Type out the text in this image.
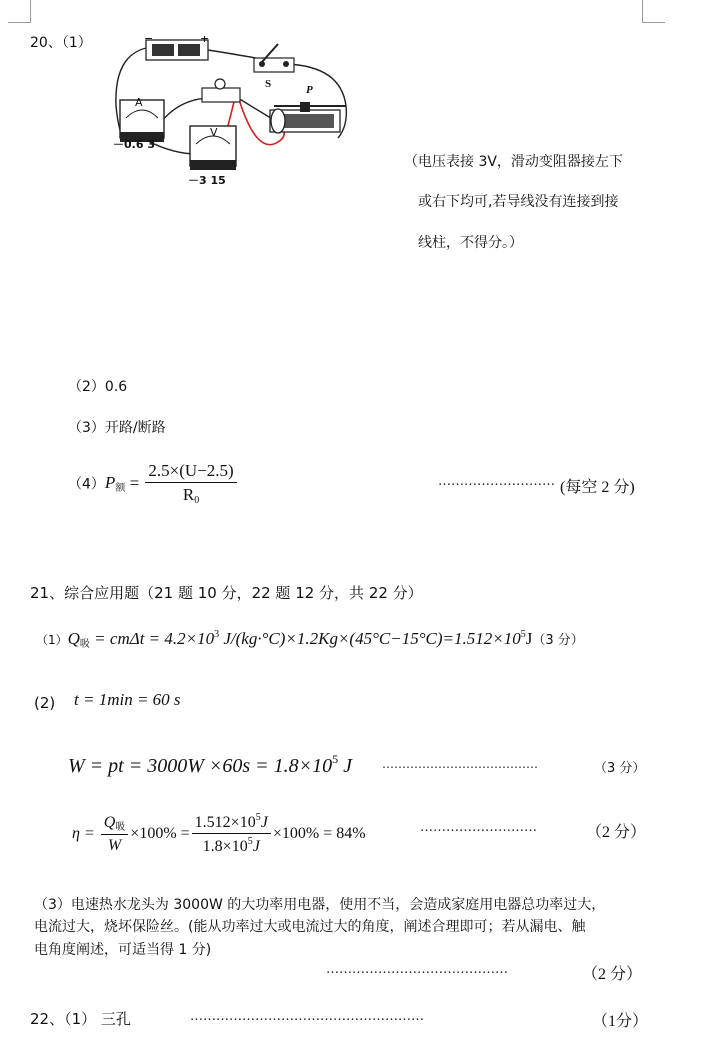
20、（1）	−	+
A
－0.6 3
V
－3 15
S	P
（电压表接 3V，滑动变阻器接左下
或右下均可,若导线没有连接到接
线柱，不得分。）
（2）0.6
（3）开路/断路
$(4)P_额 = \frac{2.5\times(U-2.5)}{R_0}$	……………………… (每空 2 分)
21、综合应用题（21 题 10 分，22 题 12 分，共 22 分）
$(1)Q_吸 = cm\Delta t = 4.2\times 10^3$ $J/(kg\cdot^\circ C)\times 1.2Kg\times(45^\circ C-15^\circ C)=1.512\times 10^5J(3$ 分）
(2) t = 1min = 60 s
W = pt = $3000W \times 60s = 1.8\times 10^5$ J …………………………………	（3 分）
$\eta = \frac{Q_吸}{W} \times 100\% = \frac{1.512\times 10^5J}{1.8\times 10^5J} \times 100\% = 84\%$	………………………	（2 分）
（3）电速热水龙头为 3000W 的大功率用电器，使用不当，会造成家庭用电器总功率过大，
电流过大，烧坏保险丝。(能从功率过大或电流过大的角度，阐述合理即可；若从漏电、触
电角度阐述，可适当得 1 分)
……………………………………	（2 分）
22、（1） 三孔	………………………………………………	（1分）
